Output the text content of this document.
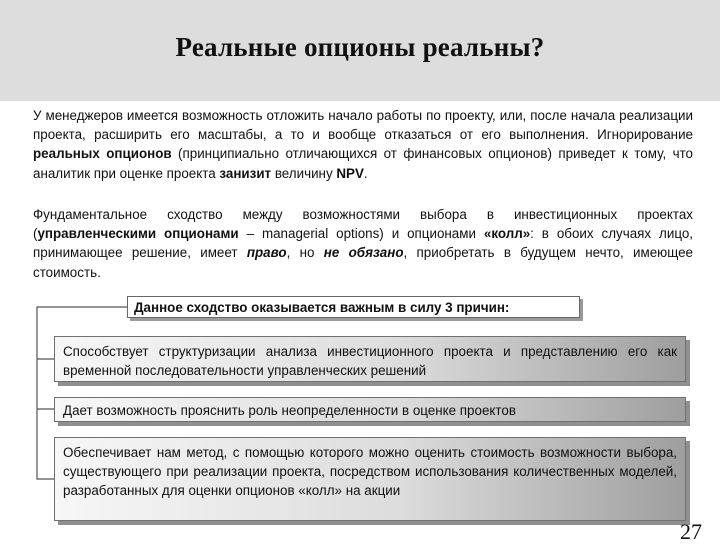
Реальные опционы реальны?

У менеджеров имеется возможность отложить начало работы по проекту, или, после начала реализации проекта, расширить его масштабы, а то и вообще отказаться от его выполнения. Игнорирование реальных опционов (принципиально отличающихся от финансовых опционов) приведет к тому, что аналитик при оценке проекта занизит величину NPV.

Фундаментальное сходство между возможностями выбора в инвестиционных проектах (управленческими опционами – managerial options) и опционами «колл»: в обоих случаях лицо, принимающее решение, имеет право, но не обязано, приобретать в будущем нечто, имеющее стоимость.

Данное сходство оказывается важным в силу 3 причин:
Способствует структуризации анализа инвестиционного проекта и представлению его как временной последовательности управленческих решений
Дает возможность прояснить роль неопределенности в оценке проектов
Обеспечивает нам метод, с помощью которого можно оценить стоимость возможности выбора, существующего при реализации проекта, посредством использования количественных моделей, разработанных для оценки опционов «колл» на акции
27
